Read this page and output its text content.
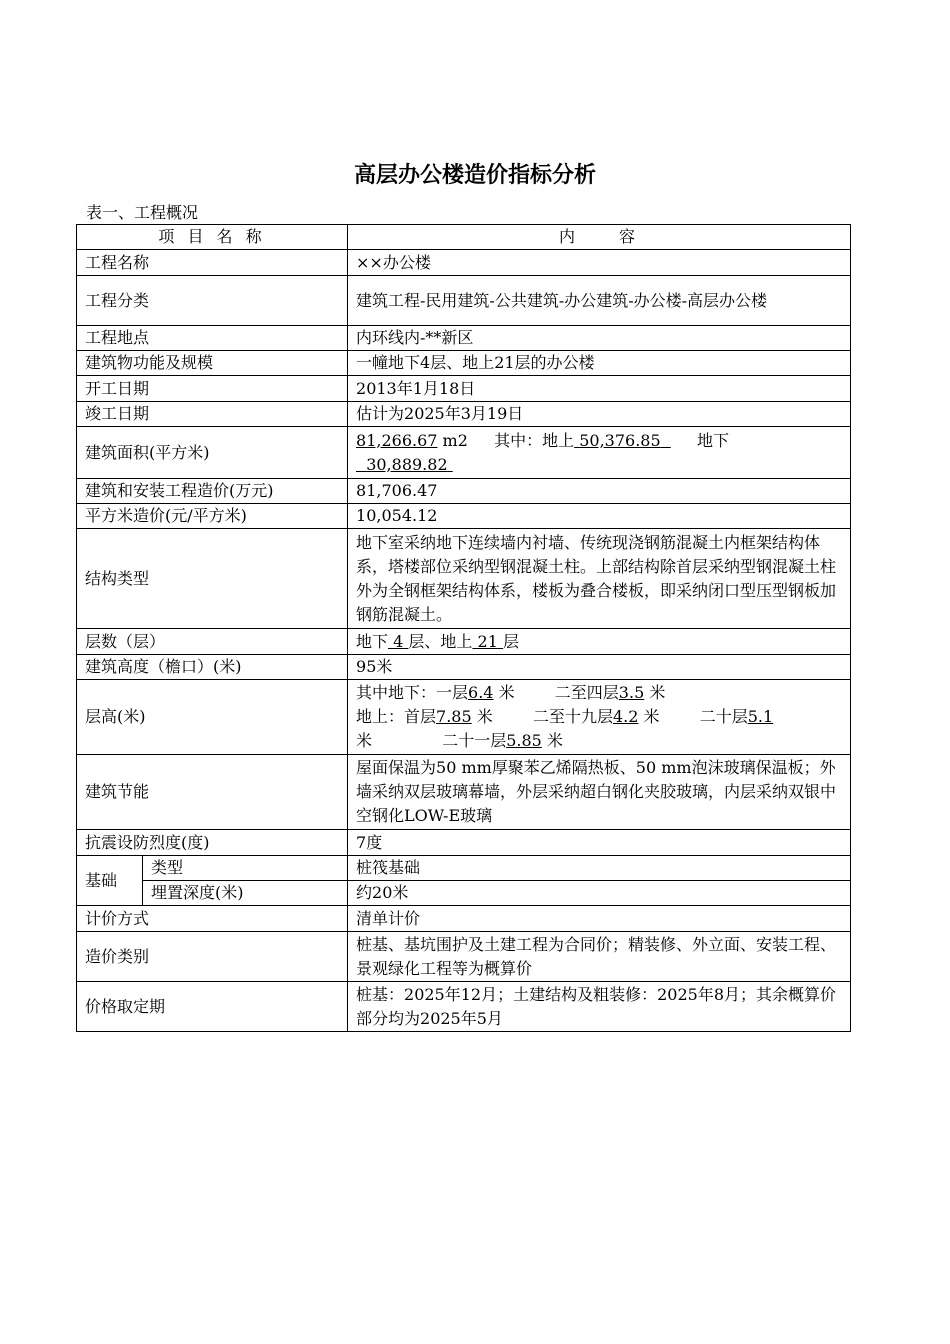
高层办公楼造价指标分析
表一、工程概况
项 目 名 称		内　　容
工程名称		××办公楼
工程分类		建筑工程-民用建筑-公共建筑-办公建筑-办公楼-高层办公楼
工程地点		内环线内-**新区
建筑物功能及规模		一幢地下4层、地上21层的办公楼
开工日期		2013年1月18日
竣工日期		估计为2025年3月19日
建筑面积(平方米)		81,266.67 m2 其中：地上 50,376.85 地下
30,889.82
建筑和安装工程造价(万元)		81,706.47
平方米造价(元/平方米)		10,054.12
结构类型		地下室采纳地下连续墙内衬墙、传统现浇钢筋混凝土内框架结构体系，塔楼部位采纳型钢混凝土柱。上部结构除首层采纳型钢混凝土柱外为全钢框架结构体系，楼板为叠合楼板，即采纳闭口型压型钢板加钢筋混凝土。
层数（层）		地下 4 层、地上 21 层
建筑高度（檐口）(米)		95米
层高(米)		其中地下：一层6.4 米 二至四层3.5 米
地上：首层7.85 米 二至十九层4.2 米 二十层5.1
米 二十一层5.85 米
建筑节能		屋面保温为50 mm厚聚苯乙烯隔热板、50 mm泡沫玻璃保温板；外墙采纳双层玻璃幕墙，外层采纳超白钢化夹胶玻璃，内层采纳双银中空钢化LOW-E玻璃
抗震设防烈度(度)		7度
基础	类型	桩筏基础
	埋置深度(米)	约20米
计价方式		清单计价
造价类别		桩基、基坑围护及土建工程为合同价；精装修、外立面、安装工程、景观绿化工程等为概算价
价格取定期		桩基：2025年12月；土建结构及粗装修：2025年8月；其余概算价部分均为2025年5月
